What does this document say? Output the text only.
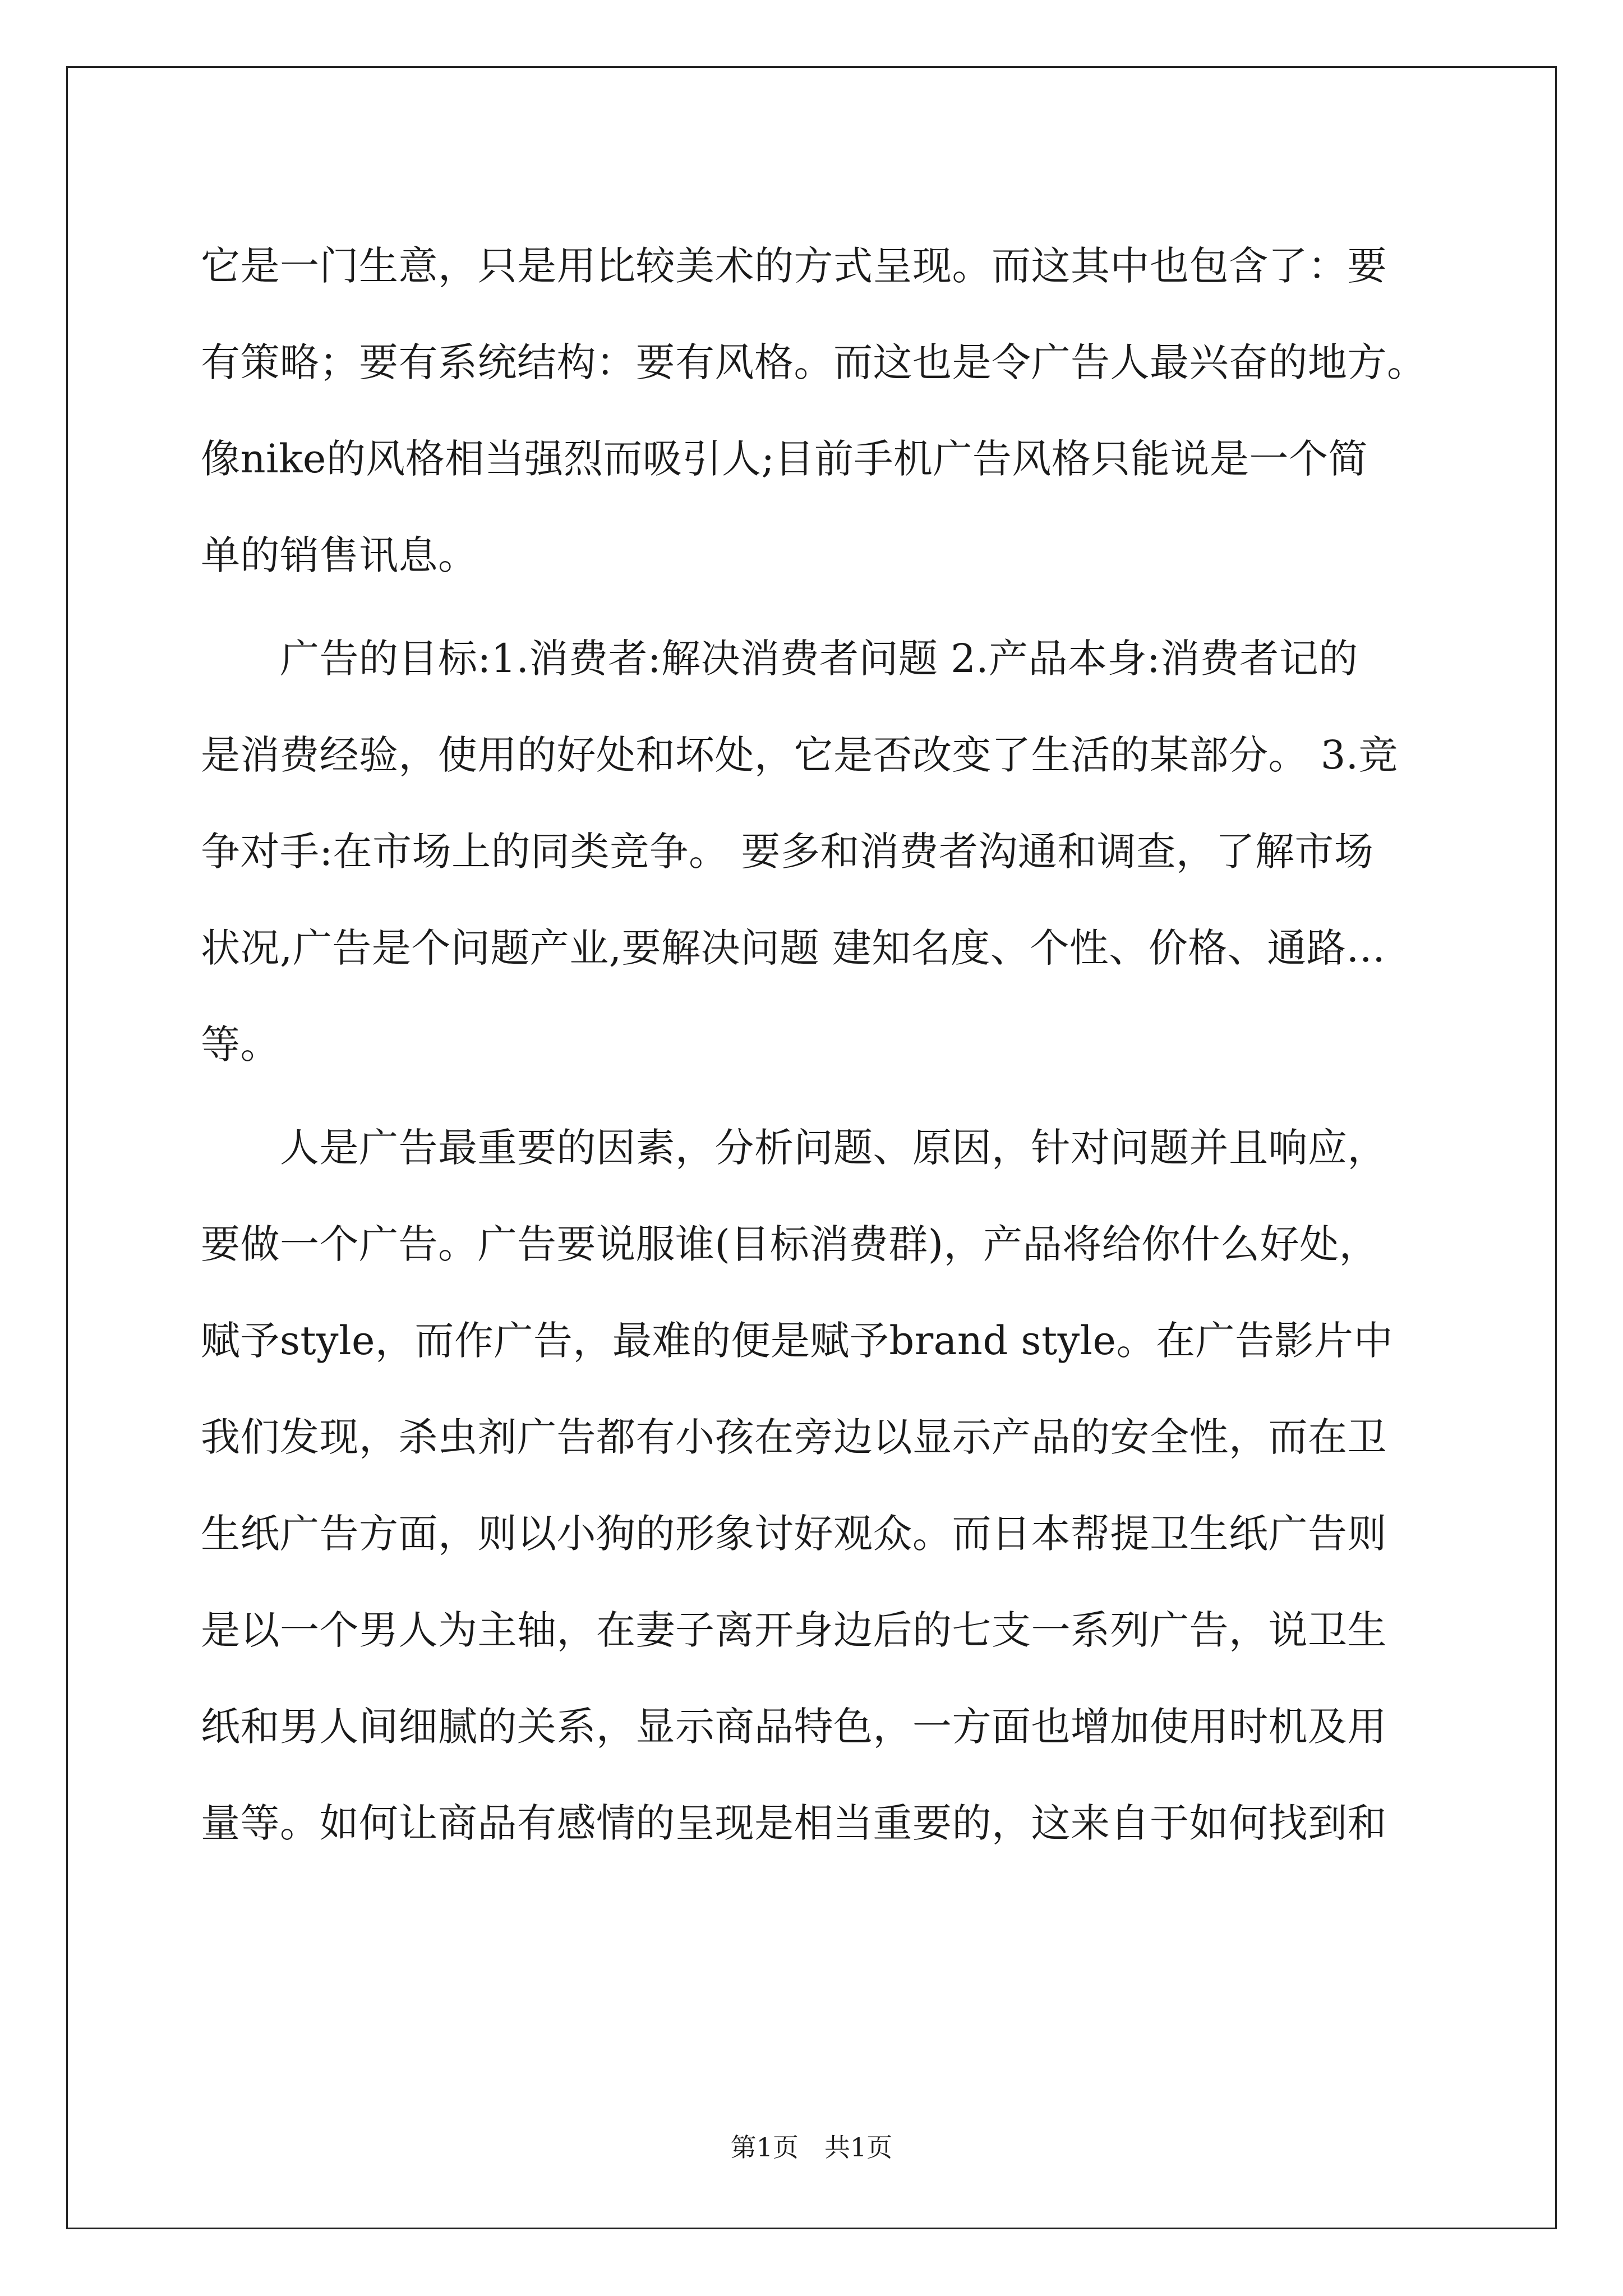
它是一门生意，只是用比较美术的方式呈现。而这其中也包含了：要
有策略；要有系统结构：要有风格。而这也是令广告人最兴奋的地方。
像nike的风格相当强烈而吸引人;目前手机广告风格只能说是一个简
单的销售讯息。
　　广告的目标:1.消费者:解决消费者问题 2.产品本身:消费者记的
是消费经验，使用的好处和坏处，它是否改变了生活的某部分。 3.竞
争对手:在市场上的同类竞争。 要多和消费者沟通和调查，了解市场
状况,广告是个问题产业,要解决问题 建知名度、个性、价格、通路…
等。
　　人是广告最重要的因素，分析问题、原因，针对问题并且响应，
要做一个广告。广告要说服谁(目标消费群)，产品将给你什么好处，
赋予style，而作广告，最难的便是赋予brand style。在广告影片中
我们发现，杀虫剂广告都有小孩在旁边以显示产品的安全性，而在卫
生纸广告方面，则以小狗的形象讨好观众。而日本帮提卫生纸广告则
是以一个男人为主轴，在妻子离开身边后的七支一系列广告，说卫生
纸和男人间细腻的关系，显示商品特色，一方面也增加使用时机及用
量等。如何让商品有感情的呈现是相当重要的，这来自于如何找到和
第1页　共1页
